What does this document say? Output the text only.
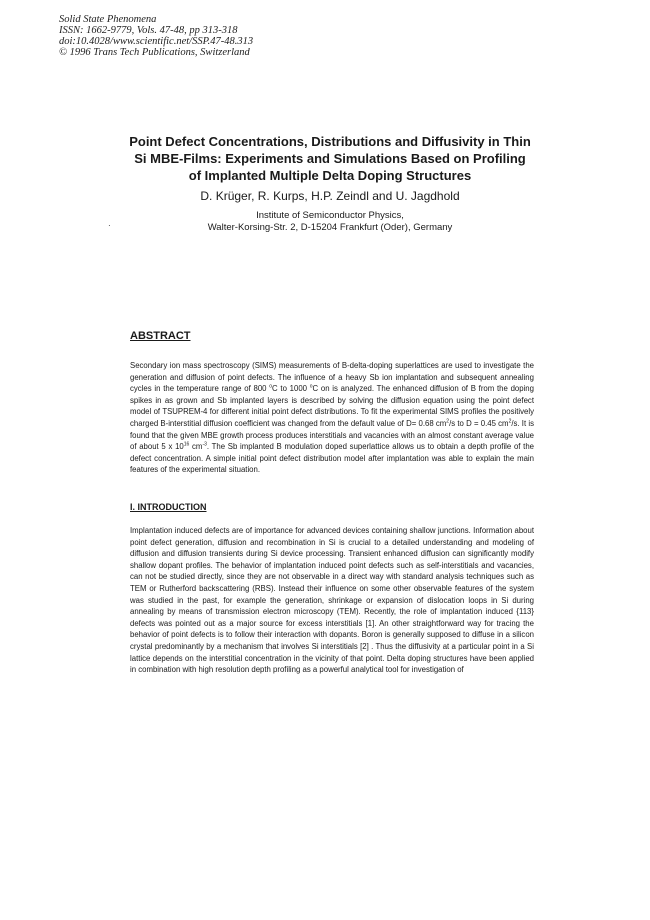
Solid State Phenomena
ISSN: 1662-9779, Vols. 47-48, pp 313-318
doi:10.4028/www.scientific.net/SSP.47-48.313
© 1996 Trans Tech Publications, Switzerland
Point Defect Concentrations, Distributions and Diffusivity in Thin
Si MBE-Films: Experiments and Simulations Based on Profiling
of Implanted Multiple Delta Doping Structures
D. Krüger, R. Kurps, H.P. Zeindl and U. Jagdhold
Institute of Semiconductor Physics,
Walter-Korsing-Str. 2, D-15204 Frankfurt (Oder), Germany
·
ABSTRACT

Secondary ion mass spectroscopy (SIMS) measurements of B-delta-doping superlattices are used to investigate the generation and diffusion of point defects. The influence of a heavy Sb ion implantation and subsequent annealing cycles in the temperature range of 800 $^o$C to 1000 $^o$C on is analyzed. The enhanced diffusion of B from the doping spikes in as grown and Sb implanted layers is described by solving the diffusion equation using the point defect model of TSUPREM-4 for different initial point defect distributions. To fit the experimental SIMS profiles the positively charged B-interstitial diffusion coefficient was changed from the default value of D= 0.68 $cm^2/s$ to D = 0.45 $cm^2/s$. It is found that the given MBE growth process produces interstitials and vacancies with an almost constant average value of about 5 x $10^{16}$ $cm^{-3}$. The Sb implanted B modulation doped superlattice allows us to obtain a depth profile of the defect concentration. A simple initial point defect distribution model after implantation was able to explain the main features of the experimental situation.

I. INTRODUCTION

Implantation induced defects are of importance for advanced devices containing shallow junctions. Information about point defect generation, diffusion and recombination in Si is crucial to a detailed understanding and modeling of diffusion and diffusion transients during Si device processing. Transient enhanced diffusion can significantly modify shallow dopant profiles. The behavior of implantation induced point defects such as self-interstitials and vacancies, can not be studied directly, since they are not observable in a direct way with standard analysis techniques such as TEM or Rutherford backscattering (RBS). Instead their influence on some other observable features of the system was studied in the past, for example the generation, shrinkage or expansion of dislocation loops in Si during annealing by means of transmission electron microscopy (TEM). Recently, the role of implantation induced {113} defects was pointed out as a major source for excess interstitials [1]. An other straightforward way for tracing the behavior of point defects is to follow their interaction with dopants. Boron is generally supposed to diffuse in a silicon crystal predominantly by a mechanism that involves Si interstitials [2] . Thus the diffusivity at a particular point in a Si lattice depends on the interstitial concentration in the vicinity of that point. Delta doping structures have been applied in combination with high resolution depth profiling as a powerful analytical tool for investigation of
